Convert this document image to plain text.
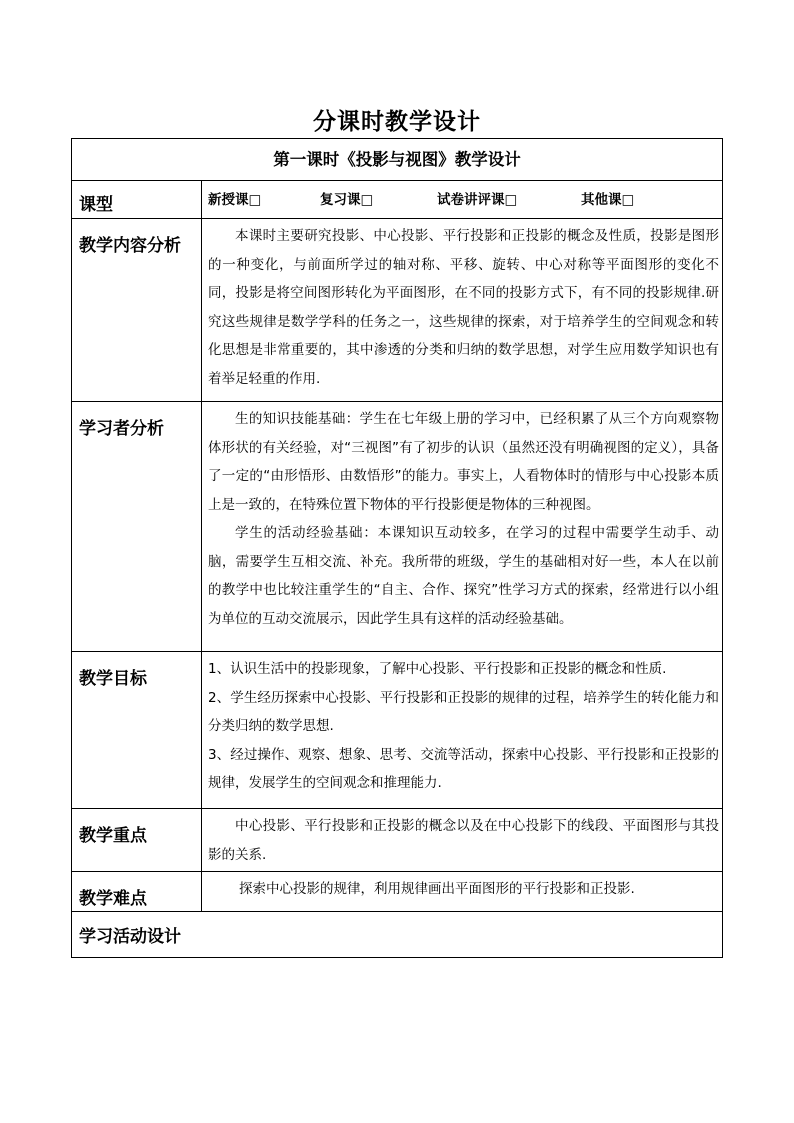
分课时教学设计
第一课时《投影与视图》教学设计	
课型	新授课□ 复习课□ 试卷讲评课□ 其他课□

教学内容分析	本课时主要研究投影、中心投影、平行投影和正投影的概念及性质，投影是图形的一种变化，与前面所学过的轴对称、平移、旋转、中心对称等平面图形的变化不同，投影是将空间图形转化为平面图形，在不同的投影方式下，有不同的投影规律.研究这些规律是数学学科的任务之一，这些规律的探索，对于培养学生的空间观念和转化思想是非常重要的，其中渗透的分类和归纳的数学思想，对学生应用数学知识也有着举足轻重的作用.

学习者分析	生的知识技能基础：学生在七年级上册的学习中，已经积累了从三个方向观察物体形状的有关经验，对“三视图”有了初步的认识（虽然还没有明确视图的定义），具备了一定的“由形悟形、由数悟形”的能力。事实上，人看物体时的情形与中心投影本质上是一致的，在特殊位置下物体的平行投影便是物体的三种视图。

学生的活动经验基础：本课知识互动较多，在学习的过程中需要学生动手、动脑，需要学生互相交流、补充。我所带的班级，学生的基础相对好一些，本人在以前的教学中也比较注重学生的“自主、合作、探究”性学习方式的探索，经常进行以小组为单位的互动交流展示，因此学生具有这样的活动经验基础。

教学目标	1、认识生活中的投影现象，了解中心投影、平行投影和正投影的概念和性质.

2、学生经历探索中心投影、平行投影和正投影的规律的过程，培养学生的转化能力和分类归纳的数学思想.

3、经过操作、观察、想象、思考、交流等活动，探索中心投影、平行投影和正投影的规律，发展学生的空间观念和推理能力.

教学重点	中心投影、平行投影和正投影的概念以及在中心投影下的线段、平面图形与其投影的关系.

教学难点	探索中心投影的规律，利用规律画出平面图形的平行投影和正投影.

学习活动设计	
